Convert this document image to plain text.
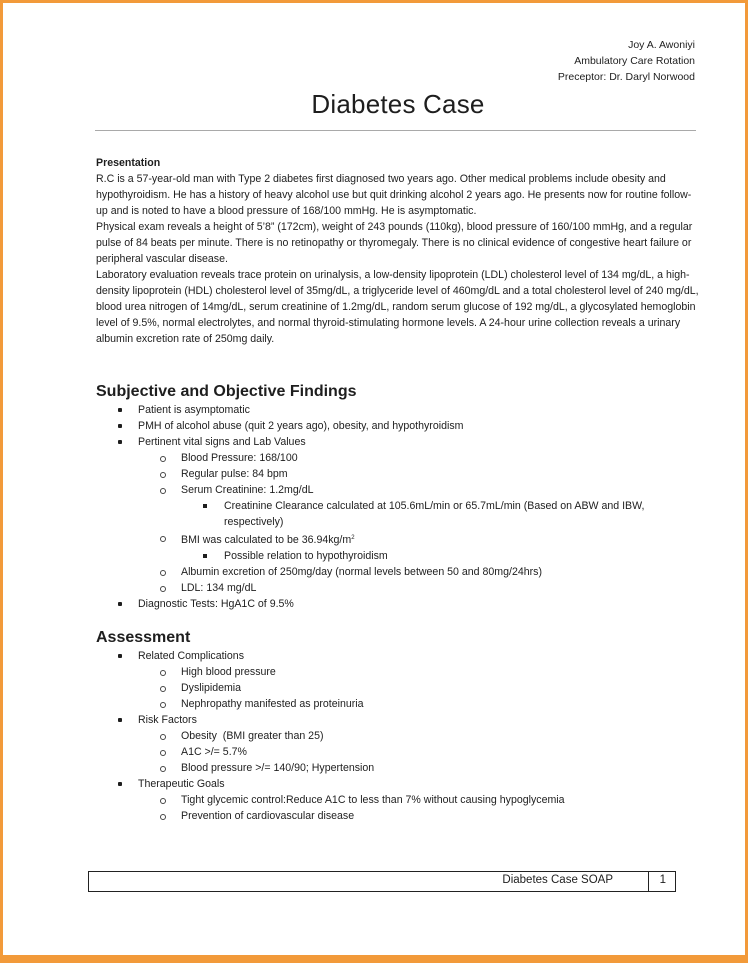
Joy A. Awoniyi
Ambulatory Care Rotation
Preceptor: Dr. Daryl Norwood
Diabetes Case
Presentation

R.C is a 57-year-old man with Type 2 diabetes first diagnosed two years ago. Other medical problems include obesity and hypothyroidism. He has a history of heavy alcohol use but quit drinking alcohol 2 years ago. He presents now for routine follow-up and is noted to have a blood pressure of 168/100 mmHg. He is asymptomatic.

Physical exam reveals a height of 5’8” (172cm), weight of 243 pounds (110kg), blood pressure of 160/100 mmHg, and a regular pulse of 84 beats per minute. There is no retinopathy or thyromegaly. There is no clinical evidence of congestive heart failure or peripheral vascular disease.

Laboratory evaluation reveals trace protein on urinalysis, a low-density lipoprotein (LDL) cholesterol level of 134 mg/dL, a high-density lipoprotein (HDL) cholesterol level of 35mg/dL, a triglyceride level of 460mg/dL and a total cholesterol level of 240 mg/dL, blood urea nitrogen of 14mg/dL, serum creatinine of 1.2mg/dL, random serum glucose of 192 mg/dL, a glycosylated hemoglobin level of 9.5%, normal electrolytes, and normal thyroid-stimulating hormone levels. A 24-hour urine collection reveals a urinary albumin excretion rate of 250mg daily.

Subjective and Objective Findings
Patient is asymptomatic
PMH of alcohol abuse (quit 2 years ago), obesity, and hypothyroidism
Pertinent vital signs and Lab Values
Blood Pressure: 168/100
Regular pulse: 84 bpm
Serum Creatinine: 1.2mg/dL
Creatinine Clearance calculated at 105.6mL/min or 65.7mL/min (Based on ABW and IBW, respectively)
BMI was calculated to be $36.94kg/m^2$
Possible relation to hypothyroidism
Albumin excretion of 250mg/day (normal levels between 50 and 80mg/24hrs)
LDL: 134 mg/dL
Diagnostic Tests: HgA1C of 9.5%
Assessment
Related Complications
High blood pressure
Dyslipidemia
Nephropathy manifested as proteinuria
Risk Factors
Obesity  (BMI greater than 25)
A1C >/= 5.7%
Blood pressure >/= 140/90; Hypertension
Therapeutic Goals
Tight glycemic control:Reduce A1C to less than 7% without causing hypoglycemia
Prevention of cardiovascular disease
Diabetes Case SOAP	1
